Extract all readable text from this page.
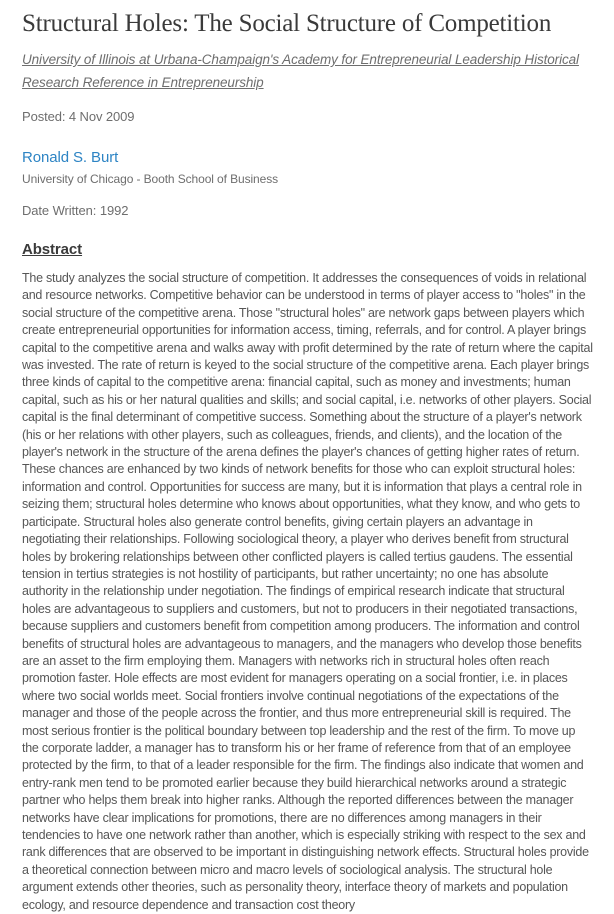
Structural Holes: The Social Structure of Competition
University of Illinois at Urbana-Champaign's Academy for Entrepreneurial Leadership Historical Research Reference in Entrepreneurship

Posted: 4 Nov 2009

Ronald S. Burt
University of Chicago - Booth School of Business

Date Written: 1992

Abstract

The study analyzes the social structure of competition. It addresses the consequences of voids in relational and resource networks. Competitive behavior can be understood in terms of player access to "holes" in the social structure of the competitive arena. Those "structural holes" are network gaps between players which create entrepreneurial opportunities for information access, timing, referrals, and for control. A player brings capital to the competitive arena and walks away with profit determined by the rate of return where the capital was invested. The rate of return is keyed to the social structure of the competitive arena. Each player brings three kinds of capital to the competitive arena: financial capital, such as money and investments; human capital, such as his or her natural qualities and skills; and social capital, i.e. networks of other players. Social capital is the final determinant of competitive success. Something about the structure of a player's network (his or her relations with other players, such as colleagues, friends, and clients), and the location of the player's network in the structure of the arena defines the player's chances of getting higher rates of return. These chances are enhanced by two kinds of network benefits for those who can exploit structural holes: information and control. Opportunities for success are many, but it is information that plays a central role in seizing them; structural holes determine who knows about opportunities, what they know, and who gets to participate. Structural holes also generate control benefits, giving certain players an advantage in negotiating their relationships. Following sociological theory, a player who derives benefit from structural holes by brokering relationships between other conflicted players is called tertius gaudens. The essential tension in tertius strategies is not hostility of participants, but rather uncertainty; no one has absolute authority in the relationship under negotiation. The findings of empirical research indicate that structural holes are advantageous to suppliers and customers, but not to producers in their negotiated transactions, because suppliers and customers benefit from competition among producers. The information and control benefits of structural holes are advantageous to managers, and the managers who develop those benefits are an asset to the firm employing them. Managers with networks rich in structural holes often reach promotion faster. Hole effects are most evident for managers operating on a social frontier, i.e. in places where two social worlds meet. Social frontiers involve continual negotiations of the expectations of the manager and those of the people across the frontier, and thus more entrepreneurial skill is required. The most serious frontier is the political boundary between top leadership and the rest of the firm. To move up the corporate ladder, a manager has to transform his or her frame of reference from that of an employee protected by the firm, to that of a leader responsible for the firm. The findings also indicate that women and entry-rank men tend to be promoted earlier because they build hierarchical networks around a strategic partner who helps them break into higher ranks. Although the reported differences between the manager networks have clear implications for promotions, there are no differences among managers in their tendencies to have one network rather than another, which is especially striking with respect to the sex and rank differences that are observed to be important in distinguishing network effects. Structural holes provide a theoretical connection between micro and macro levels of sociological analysis. The structural hole argument extends other theories, such as personality theory, interface theory of markets and population ecology, and resource dependence and transaction cost theory
